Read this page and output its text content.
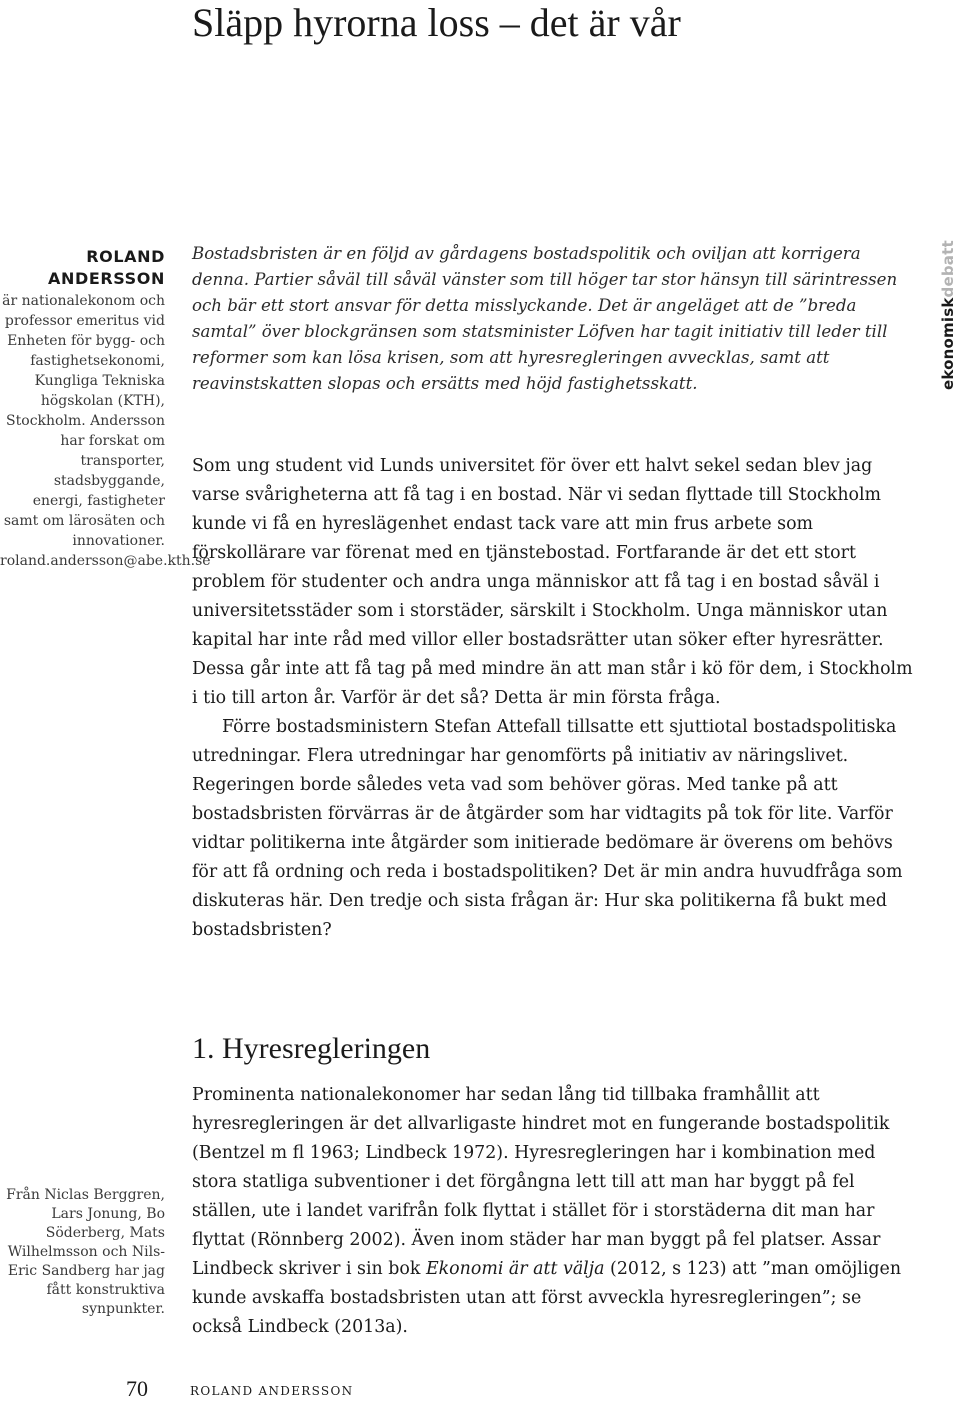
Släpp hyrorna loss – det är vår
ROLAND ANDERSSON

är nationalekonom och professor emeritus vid Enheten för bygg- och fastighetsekonomi, Kungliga Tekniska högskolan (KTH), Stockholm. Andersson har forskat om transporter, stadsbyggande, energi, fastigheter samt om lärosäten och innovationer. roland.andersson@abe.kth.se

Från Niclas Berggren, Lars Jonung, Bo Söderberg, Mats Wilhelmsson och Nils-Eric Sandberg har jag fått konstruktiva synpunkter.

ekonomiskdebatt

Bostadsbristen är en följd av gårdagens bostadspolitik och oviljan att korrigera denna. Partier såväl till såväl vänster som till höger tar stor hänsyn till särintressen och bär ett stort ansvar för detta misslyckande. Det är angeläget att de ”breda samtal” över blockgränsen som statsminister Löfven har tagit initiativ till leder till reformer som kan lösa krisen, som att hyresregleringen avvecklas, samt att reavinstskatten slopas och ersätts med höjd fastighetsskatt.

Som ung student vid Lunds universitet för över ett halvt sekel sedan blev jag varse svårigheterna att få tag i en bostad. När vi sedan flyttade till Stockholm kunde vi få en hyreslägenhet endast tack vare att min frus arbete som förskollärare var förenat med en tjänstebostad. Fortfarande är det ett stort problem för studenter och andra unga människor att få tag i en bostad såväl i universitetsstäder som i storstäder, särskilt i Stockholm. Unga människor utan kapital har inte råd med villor eller bostadsrätter utan söker efter hyresrätter. Dessa går inte att få tag på med mindre än att man står i kö för dem, i Stockholm i tio till arton år. Varför är det så? Detta är min första fråga.

Förre bostadsministern Stefan Attefall tillsatte ett sjuttiotal bostadspolitiska utredningar. Flera utredningar har genomförts på initiativ av näringslivet. Regeringen borde således veta vad som behöver göras. Med tanke på att bostadsbristen förvärras är de åtgärder som har vidtagits på tok för lite. Varför vidtar politikerna inte åtgärder som initierade bedömare är överens om behövs för att få ordning och reda i bostadspolitiken? Det är min andra huvudfråga som diskuteras här. Den tredje och sista frågan är: Hur ska politikerna få bukt med bostadsbristen?

1. Hyresregleringen

Prominenta nationalekonomer har sedan lång tid tillbaka framhållit att hyresregleringen är det allvarligaste hindret mot en fungerande bostadspolitik (Bentzel m fl 1963; Lindbeck 1972). Hyresregleringen har i kombination med stora statliga subventioner i det förgångna lett till att man har byggt på fel ställen, ute i landet varifrån folk flyttat i stället för i storstäderna dit man har flyttat (Rönnberg 2002). Även inom städer har man byggt på fel platser. Assar Lindbeck skriver i sin bok Ekonomi är att välja (2012, s 123) att ”man omöjligen kunde avskaffa bostadsbristen utan att först avveckla hyresregleringen”; se också Lindbeck (2013a).

70	ROLAND ANDERSSON
